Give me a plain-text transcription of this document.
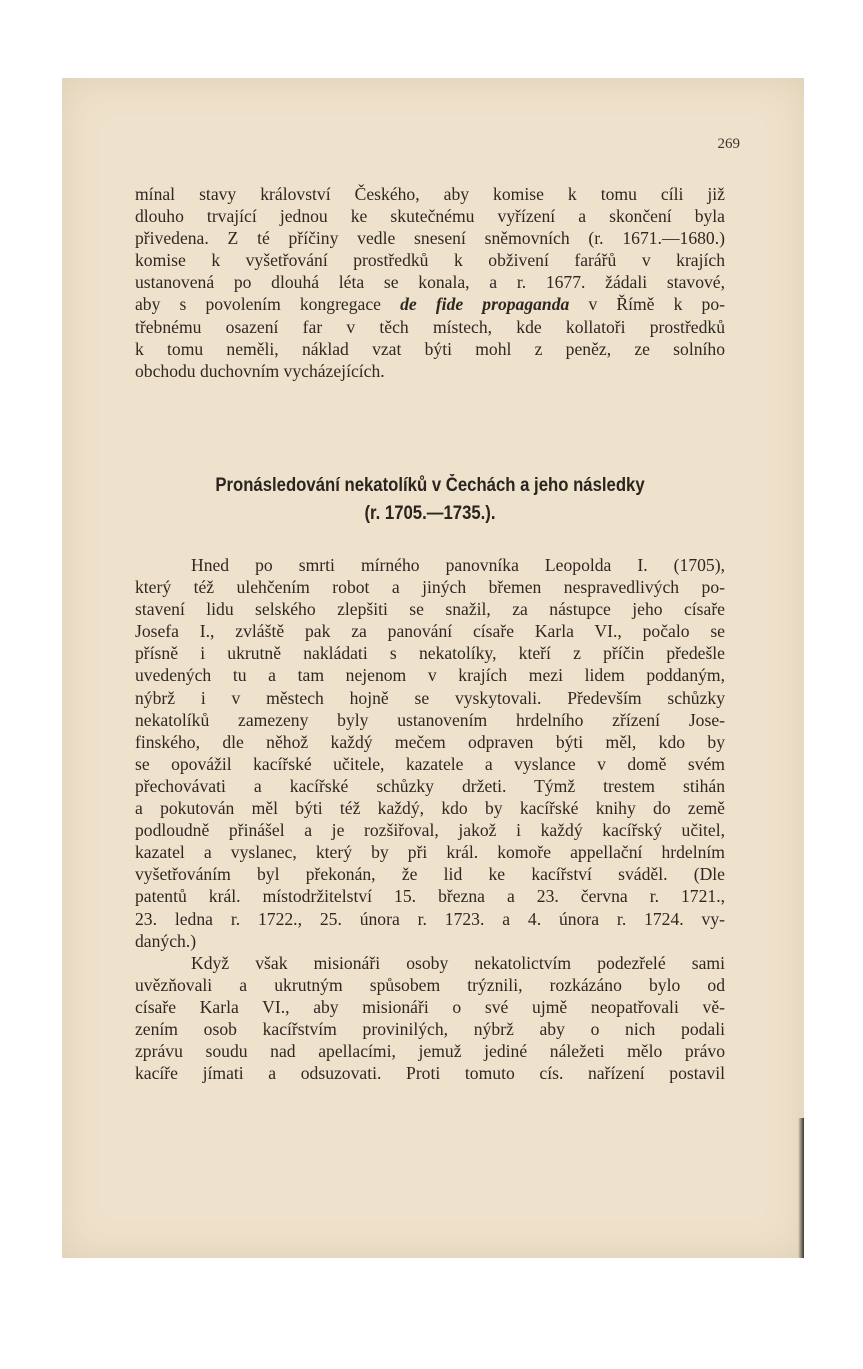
269

mínal stavy království Českého, aby komise k tomu cíli již
dlouho trvající jednou ke skutečnému vyřízení a skončení byla
přivedena. Z té příčiny vedle snesení sněmovních (r. 1671.—1680.)
komise k vyšetřování prostředků k obživení farářů v krajích
ustanovená po dlouhá léta se konala, a r. 1677. žádali stavové,
aby s povolením kongregace de fide propaganda v Římě k po-
třebnému osazení far v těch místech, kde kollatoři prostředků
k tomu neměli, náklad vzat býti mohl z peněz, ze solního
obchodu duchovním vycházejících.

Pronásledování nekatolíků v Čechách a jeho následky
(r. 1705.—1735.).

Hned po smrti mírného panovníka Leopolda I. (1705),
který též ulehčením robot a jiných břemen nespravedlivých po-
stavení lidu selského zlepšiti se snažil, za nástupce jeho císaře
Josefa I., zvláště pak za panování císaře Karla VI., počalo se
přísně i ukrutně nakládati s nekatolíky, kteří z příčin předešle
uvedených tu a tam nejenom v krajích mezi lidem poddaným,
nýbrž i v městech hojně se vyskytovali. Především schůzky
nekatolíků zamezeny byly ustanovením hrdelního zřízení Jose-
finského, dle něhož každý mečem odpraven býti měl, kdo by
se opovážil kacířské učitele, kazatele a vyslance v domě svém
přechovávati a kacířské schůzky držeti. Týmž trestem stihán
a pokutován měl býti též každý, kdo by kacířské knihy do země
podloudně přinášel a je rozšiřoval, jakož i každý kacířský učitel,
kazatel a vyslanec, který by při král. komoře appellační hrdelním
vyšetřováním byl překonán, že lid ke kacířství sváděl. (Dle
patentů král. místodržitelství 15. března a 23. června r. 1721.,
23. ledna r. 1722., 25. února r. 1723. a 4. února r. 1724. vy-
daných.)

Když však misionáři osoby nekatolictvím podezřelé sami
uvězňovali a ukrutným spůsobem trýznili, rozkázáno bylo od
císaře Karla VI., aby misionáři o své ujmě neopatřovali vě-
zením osob kacířstvím provinilých, nýbrž aby o nich podali
zprávu soudu nad apellacími, jemuž jediné náležeti mělo právo
kacíře jímati a odsuzovati. Proti tomuto cís. nařízení postavil
